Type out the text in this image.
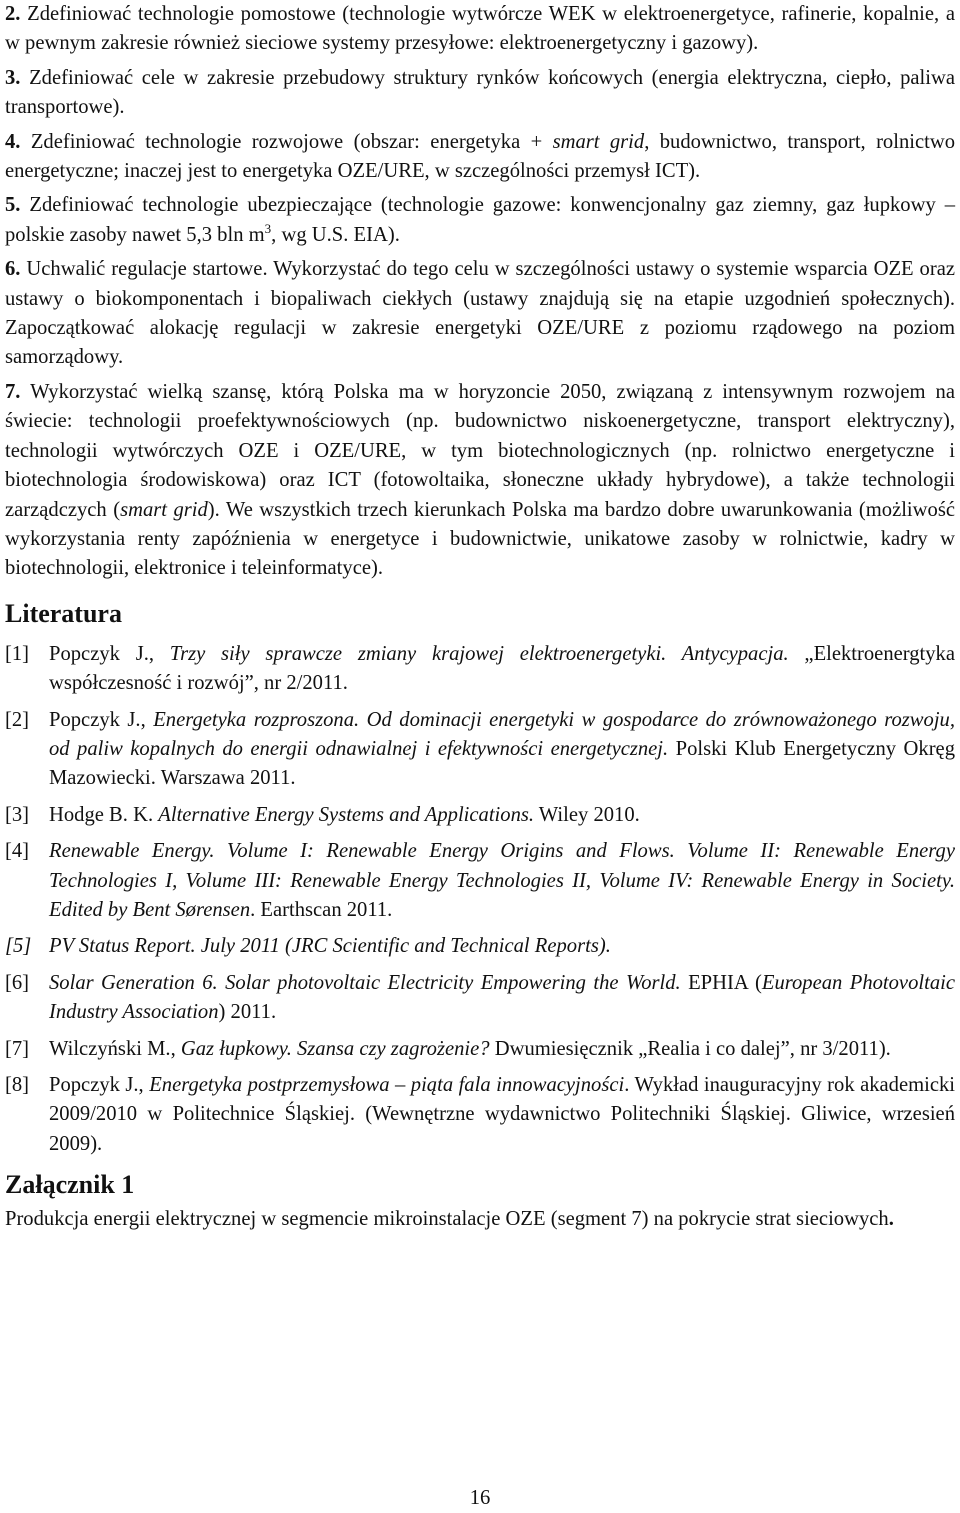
2. Zdefiniować technologie pomostowe (technologie wytwórcze WEK w elektroenergetyce, rafinerie, kopalnie, a w pewnym zakresie również sieciowe systemy przesyłowe: elektroenergetyczny i gazowy).

3. Zdefiniować cele w zakresie przebudowy struktury rynków końcowych (energia elektryczna, ciepło, paliwa transportowe).

4. Zdefiniować technologie rozwojowe (obszar: energetyka + smart grid, budownictwo, transport, rolnictwo energetyczne; inaczej jest to energetyka OZE/URE, w szczególności przemysł ICT).

5. Zdefiniować technologie ubezpieczające (technologie gazowe: konwencjonalny gaz ziemny, gaz łupkowy – polskie zasoby nawet 5,3 bln $m^3$, wg U.S. EIA).

6. Uchwalić regulacje startowe. Wykorzystać do tego celu w szczególności ustawy o systemie wsparcia OZE oraz ustawy o biokomponentach i biopaliwach ciekłych (ustawy znajdują się na etapie uzgodnień społecznych). Zapoczątkować alokację regulacji w zakresie energetyki OZE/URE z poziomu rządowego na poziom samorządowy.

7. Wykorzystać wielką szansę, którą Polska ma w horyzoncie 2050, związaną z intensywnym rozwojem na świecie: technologii proefektywnościowych (np. budownictwo niskoenergetyczne, transport elektryczny), technologii wytwórczych OZE i OZE/URE, w tym biotechnologicznych (np. rolnictwo energetyczne i biotechnologia środowiskowa) oraz ICT (fotowoltaika, słoneczne układy hybrydowe), a także technologii zarządczych (smart grid). We wszystkich trzech kierunkach Polska ma bardzo dobre uwarunkowania (możliwość wykorzystania renty zapóźnienia w energetyce i budownictwie, unikatowe zasoby w rolnictwie, kadry w biotechnologii, elektronice i teleinformatyce).

Literatura
[1] Popczyk J., Trzy siły sprawcze zmiany krajowej elektroenergetyki. Antycypacja. „Elektroenergtyka współczesność i rozwój”, nr 2/2011.
[2] Popczyk J., Energetyka rozproszona. Od dominacji energetyki w gospodarce do zrównoważonego rozwoju, od paliw kopalnych do energii odnawialnej i efektywności energetycznej. Polski Klub Energetyczny Okręg Mazowiecki. Warszawa 2011.
[3] Hodge B. K. Alternative Energy Systems and Applications. Wiley 2010.
[4] Renewable Energy. Volume I: Renewable Energy Origins and Flows. Volume II: Renewable Energy Technologies I, Volume III: Renewable Energy Technologies II, Volume IV: Renewable Energy in Society. Edited by Bent Sørensen. Earthscan 2011.
[5] PV Status Report. July 2011 (JRC Scientific and Technical Reports).
[6] Solar Generation 6. Solar photovoltaic Electricity Empowering the World. EPHIA (European Photovoltaic Industry Association) 2011.
[7] Wilczyński M., Gaz łupkowy. Szansa czy zagrożenie? Dwumiesięcznik „Realia i co dalej”, nr 3/2011).
[8] Popczyk J., Energetyka postprzemysłowa – piąta fala innowacyjności. Wykład inauguracyjny rok akademicki 2009/2010 w Politechnice Śląskiej. (Wewnętrzne wydawnictwo Politechniki Śląskiej. Gliwice, wrzesień 2009).
Załącznik 1

Produkcja energii elektrycznej w segmencie mikroinstalacje OZE (segment 7) na pokrycie strat sieciowych.

16
